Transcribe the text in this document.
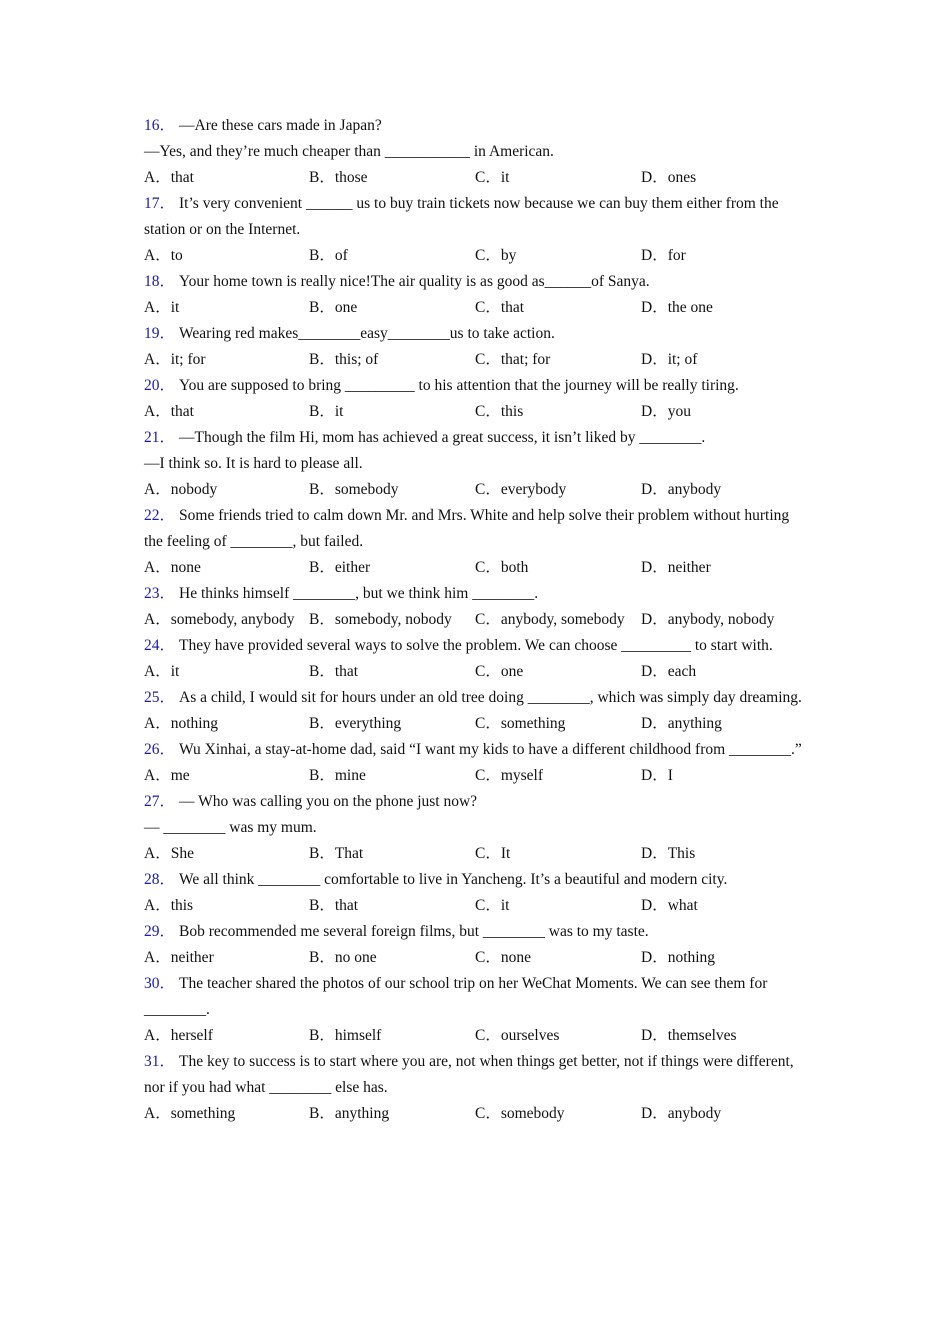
16． —Are these cars made in Japan?
—Yes, and they’re much cheaper than ___________ in American.
A．that	B．those	C．it	D．ones
17． It’s very convenient ______ us to buy train tickets now because we can buy them either from the station or on the Internet.
A．to	B．of	C．by	D．for
18． Your home town is really nice!The air quality is as good as______of Sanya.
A．it	B．one	C．that	D．the one
19． Wearing red makes________easy________us to take action.
A．it; for	B．this; of	C．that; for	D．it; of
20． You are supposed to bring _________ to his attention that the journey will be really tiring.
A．that	B．it	C．this	D．you
21． —Though the film Hi, mom has achieved a great success, it isn’t liked by ________.
—I think so. It is hard to please all.
A．nobody	B．somebody	C．everybody	D．anybody
22． Some friends tried to calm down Mr. and Mrs. White and help solve their problem without hurting the feeling of ________, but failed.
A．none	B．either	C．both	D．neither
23． He thinks himself ________, but we think him ________.
A．somebody, anybody B．somebody, nobody C．anybody, somebody D．anybody, nobody
24． They have provided several ways to solve the problem. We can choose _________ to start with.
A．it	B．that	C．one	D．each
25． As a child, I would sit for hours under an old tree doing ________, which was simply day dreaming.
A．nothing	B．everything	C．something	D．anything
26． Wu Xinhai, a stay-at-home dad, said “I want my kids to have a different childhood from ________.”
A．me	B．mine	C．myself	D．I
27． — Who was calling you on the phone just now?
— ________ was my mum.
A．She	B．That	C．It	D．This
28． We all think ________ comfortable to live in Yancheng. It’s a beautiful and modern city.
A．this	B．that	C．it	D．what
29． Bob recommended me several foreign films, but ________ was to my taste.
A．neither	B．no one	C．none	D．nothing
30． The teacher shared the photos of our school trip on her WeChat Moments. We can see them for ________.
A．herself	B．himself	C．ourselves	D．themselves
31． The key to success is to start where you are, not when things get better, not if things were different, nor if you had what ________ else has.
A．something	B．anything	C．somebody	D．anybody
